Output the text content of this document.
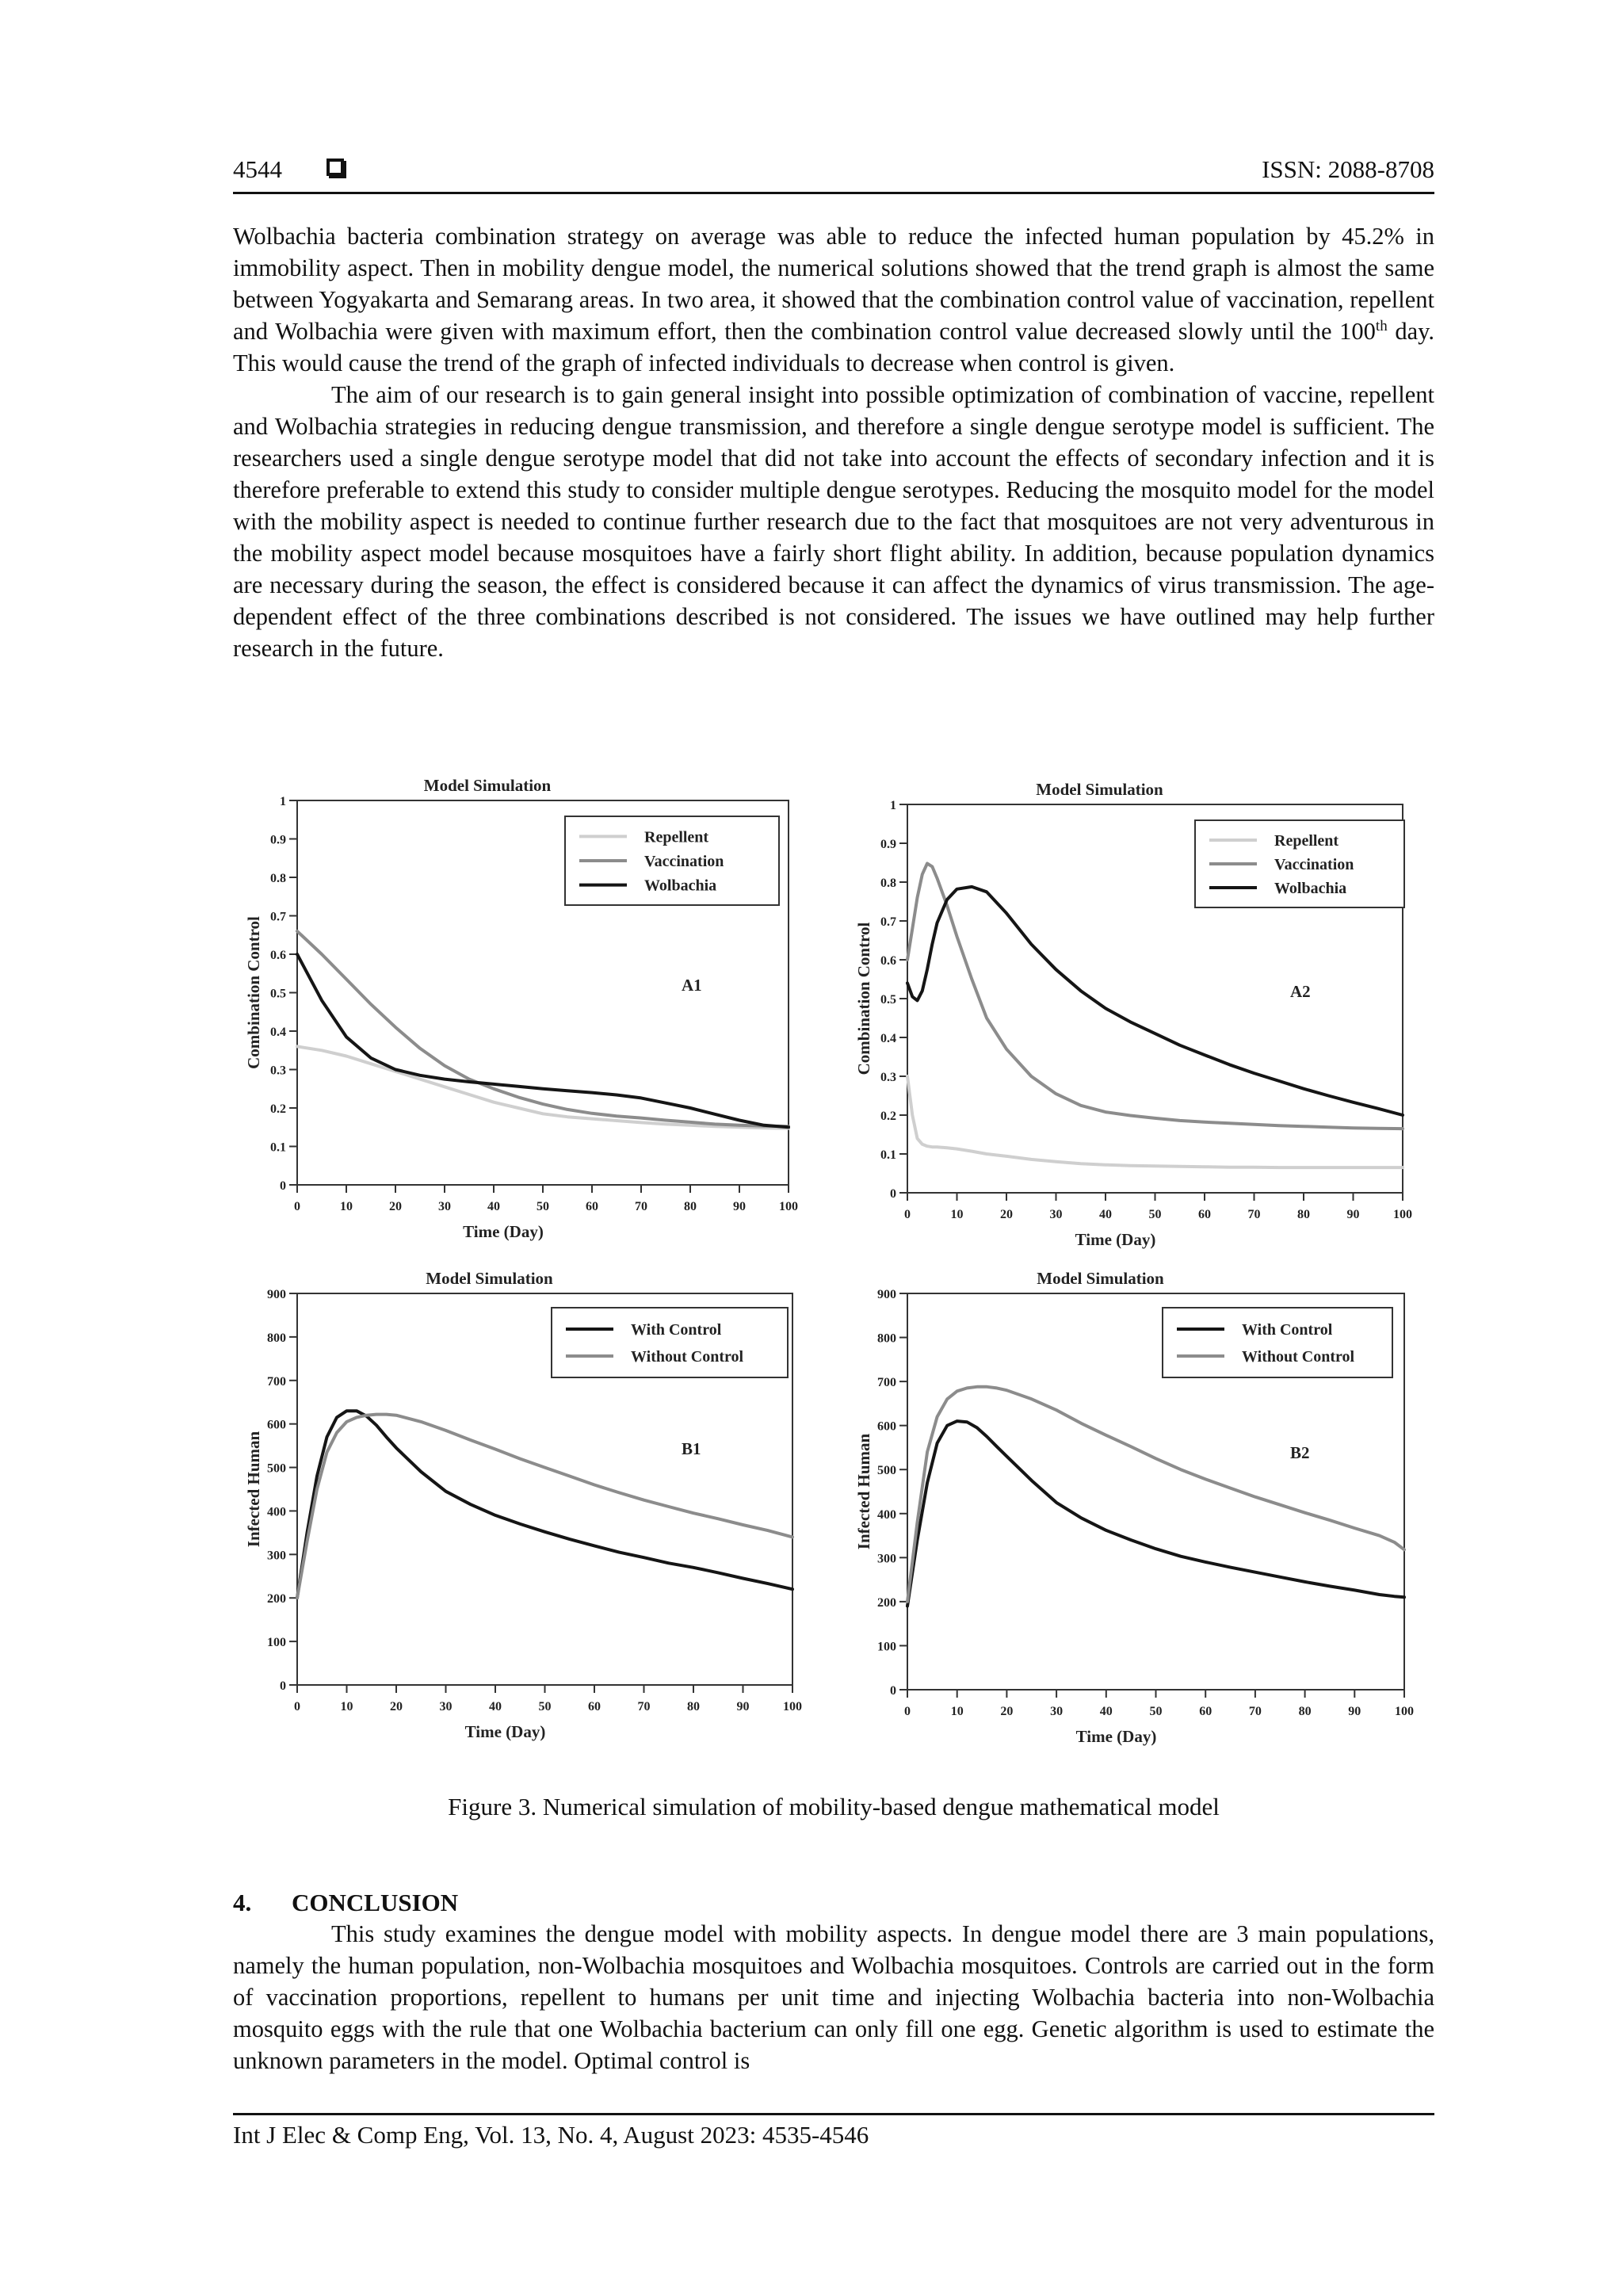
4544	ISSN: 2088-8708

Wolbachia bacteria combination strategy on average was able to reduce the infected human population by 45.2% in immobility aspect. Then in mobility dengue model, the numerical solutions showed that the trend graph is almost the same between Yogyakarta and Semarang areas. In two area, it showed that the combination control value of vaccination, repellent and Wolbachia were given with maximum effort, then the combination control value decreased slowly until the 100th day. This would cause the trend of the graph of infected individuals to decrease when control is given.

The aim of our research is to gain general insight into possible optimization of combination of vaccine, repellent and Wolbachia strategies in reducing dengue transmission, and therefore a single dengue serotype model is sufficient. The researchers used a single dengue serotype model that did not take into account the effects of secondary infection and it is therefore preferable to extend this study to consider multiple dengue serotypes. Reducing the mosquito model for the model with the mobility aspect is needed to continue further research due to the fact that mosquitoes are not very adventurous in the mobility aspect model because mosquitoes have a fairly short flight ability. In addition, because population dynamics are necessary during the season, the effect is considered because it can affect the dynamics of virus transmission. The age-dependent effect of the three combinations described is not considered. The issues we have outlined may help further research in the future.

Model Simulation
0
0.1
0.2
0.3
0.4
0.5
0.6
0.7
0.8
0.9
1
0	10	20	30	40	50	60	70	80	90	100
Time (Day)
Combination Control	A1
Repellent
Vaccination
Wolbachia
Model Simulation
0
0.1
0.2
0.3
0.4
0.5
0.6
0.7
0.8
0.9
1
0	10	20	30	40	50	60	70	80	90	100
Time (Day)
Combination Control	A2
Repellent
Vaccination
Wolbachia
Model Simulation
0
100
200
300
400
500
600
700
800
900
0	10	20	30	40	50	60	70	80	90	100
Time (Day)
Infected Human	B1
With Control
Without Control
Model Simulation
0
100
200
300
400
500
600
700
800
900
0	10	20	30	40	50	60	70	80	90	100
Time (Day)
Infected Human	B2
With Control
Without Control
Figure 3. Numerical simulation of mobility-based dengue mathematical model
4. CONCLUSION
This study examines the dengue model with mobility aspects. In dengue model there are 3 main populations, namely the human population, non-Wolbachia mosquitoes and Wolbachia mosquitoes. Controls are carried out in the form of vaccination proportions, repellent to humans per unit time and injecting Wolbachia bacteria into non-Wolbachia mosquito eggs with the rule that one Wolbachia bacterium can only fill one egg. Genetic algorithm is used to estimate the unknown parameters in the model. Optimal control is
Int J Elec & Comp Eng, Vol. 13, No. 4, August 2023: 4535-4546
